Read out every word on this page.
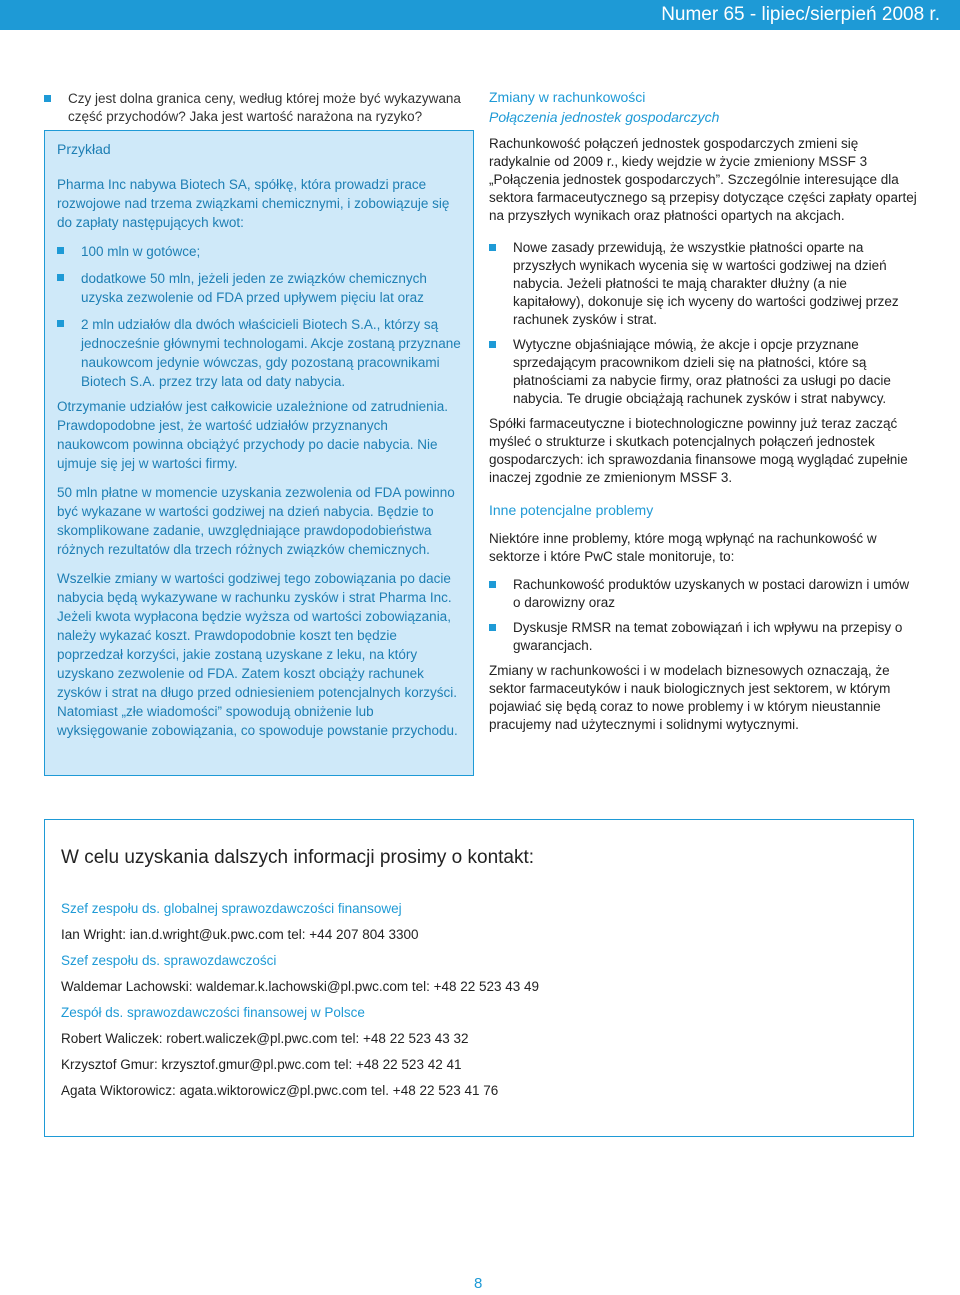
Numer 65 - lipiec/sierpień 2008 r.
Czy jest dolna granica ceny, według której może być wykazywana część przychodów? Jaka jest wartość narażona na ryzyko?
Przykład

Pharma Inc nabywa Biotech SA, spółkę, która prowadzi prace rozwojowe nad trzema związkami chemicznymi, i zobowiązuje się do zapłaty następujących kwot:

100 mln w gotówce;
dodatkowe 50 mln, jeżeli jeden ze związków chemicznych uzyska zezwolenie od FDA przed upływem pięciu lat oraz
2 mln udziałów dla dwóch właścicieli Biotech S.A., którzy są jednocześnie głównymi technologami. Akcje zostaną przyznane naukowcom jedynie wówczas, gdy pozostaną pracownikami Biotech S.A. przez trzy lata od daty nabycia.

Otrzymanie udziałów jest całkowicie uzależnione od zatrudnienia. Prawdopodobne jest, że wartość udziałów przyznanych naukowcom powinna obciążyć przychody po dacie nabycia. Nie ujmuje się jej w wartości firmy.

50 mln płatne w momencie uzyskania zezwolenia od FDA powinno być wykazane w wartości godziwej na dzień nabycia. Będzie to skomplikowane zadanie, uwzględniające prawdopodobieństwa różnych rezultatów dla trzech różnych związków chemicznych.

Wszelkie zmiany w wartości godziwej tego zobowiązania po dacie nabycia będą wykazywane w rachunku zysków i strat Pharma Inc. Jeżeli kwota wypłacona będzie wyższa od wartości zobowiązania, należy wykazać koszt. Prawdopodobnie koszt ten będzie poprzedzał korzyści, jakie zostaną uzyskane z leku, na który uzyskano zezwolenie od FDA. Zatem koszt obciąży rachunek zysków i strat na długo przed odniesieniem potencjalnych korzyści. Natomiast „złe wiadomości” spowodują obniżenie lub wyksięgowanie zobowiązania, co spowoduje powstanie przychodu.

Zmiany w rachunkowości
Połączenia jednostek gospodarczych

Rachunkowość połączeń jednostek gospodarczych zmieni się radykalnie od 2009 r., kiedy wejdzie w życie zmieniony MSSF 3 „Połączenia jednostek gospodarczych”. Szczególnie interesujące dla sektora farmaceutycznego są przepisy dotyczące części zapłaty opartej na przyszłych wynikach oraz płatności opartych na akcjach.

Nowe zasady przewidują, że wszystkie płatności oparte na przyszłych wynikach wycenia się w wartości godziwej na dzień nabycia. Jeżeli płatności te mają charakter dłużny (a nie kapitałowy), dokonuje się ich wyceny do wartości godziwej przez rachunek zysków i strat.
Wytyczne objaśniające mówią, że akcje i opcje przyznane sprzedającym pracownikom dzieli się na płatności, które są płatnościami za nabycie firmy, oraz płatności za usługi po dacie nabycia. Te drugie obciążają rachunek zysków i strat nabywcy.

Spółki farmaceutyczne i biotechnologiczne powinny już teraz zacząć myśleć o strukturze i skutkach potencjalnych połączeń jednostek gospodarczych: ich sprawozdania finansowe mogą wyglądać zupełnie inaczej zgodnie ze zmienionym MSSF 3.

Inne potencjalne problemy

Niektóre inne problemy, które mogą wpłynąć na rachunkowość w sektorze i które PwC stale monitoruje, to:

Rachunkowość produktów uzyskanych w postaci darowizn i umów o darowizny oraz
Dyskusje RMSR na temat zobowiązań i ich wpływu na przepisy o gwarancjach.

Zmiany w rachunkowości i w modelach biznesowych oznaczają, że sektor farmaceutyków i nauk biologicznych jest sektorem, w którym pojawiać się będą coraz to nowe problemy i w którym nieustannie pracujemy nad użytecznymi i solidnymi wytycznymi.

W celu uzyskania dalszych informacji prosimy o kontakt:
Szef zespołu ds. globalnej sprawozdawczości finansowej
Ian Wright: ian.d.wright@uk.pwc.com tel: +44 207 804 3300
Szef zespołu ds. sprawozdawczości
Waldemar Lachowski: waldemar.k.lachowski@pl.pwc.com tel: +48 22 523 43 49
Zespół ds. sprawozdawczości finansowej w Polsce
Robert Waliczek: robert.waliczek@pl.pwc.com tel: +48 22 523 43 32
Krzysztof Gmur: krzysztof.gmur@pl.pwc.com tel: +48 22 523 42 41
Agata Wiktorowicz: agata.wiktorowicz@pl.pwc.com tel. +48 22 523 41 76
8
